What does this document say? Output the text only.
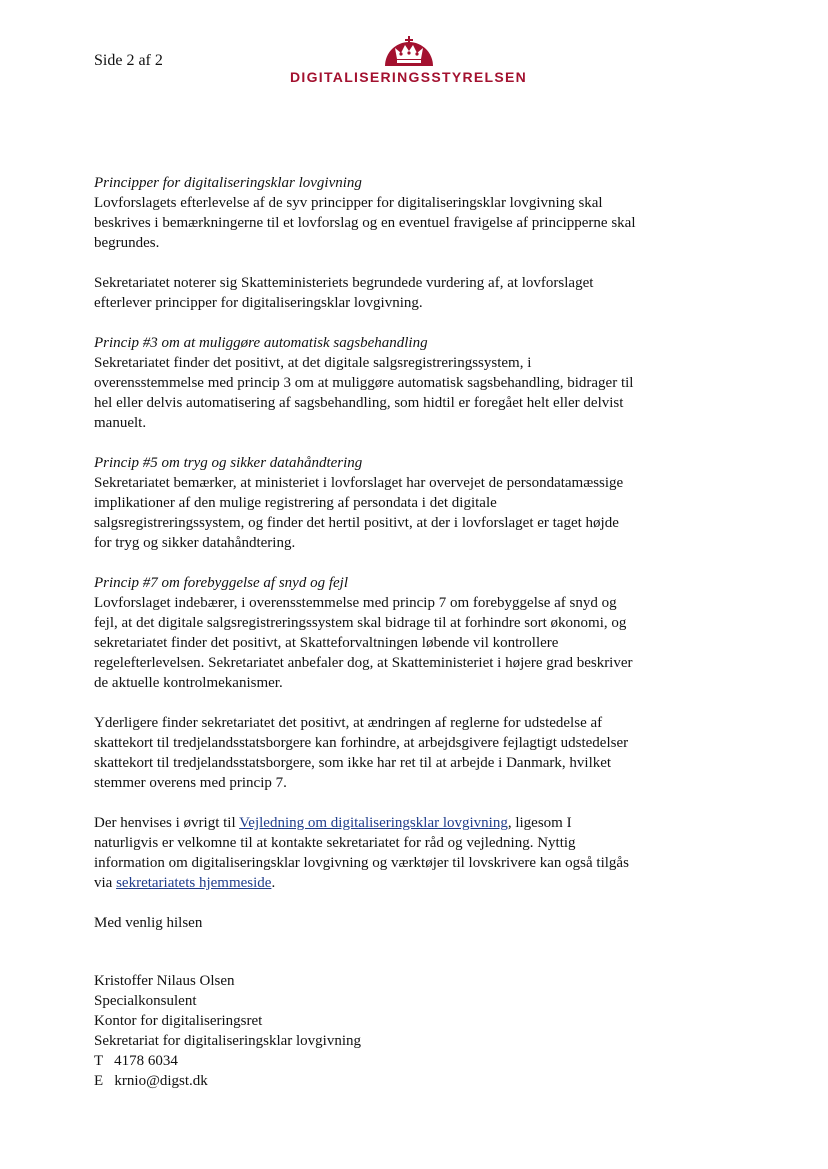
Side 2 af 2
DIGITALISERINGSSTYRELSEN

Principper for digitaliseringsklar lovgivning

Lovforslagets efterlevelse af de syv principper for digitaliseringsklar lovgivning skal beskrives i bemærkningerne til et lovforslag og en eventuel fravigelse af principperne skal begrundes.

Sekretariatet noterer sig Skatteministeriets begrundede vurdering af, at lovforslaget efterlever principper for digitaliseringsklar lovgivning.

Princip #3 om at muliggøre automatisk sagsbehandling

Sekretariatet finder det positivt, at det digitale salgsregistreringssystem, i overensstemmelse med princip 3 om at muliggøre automatisk sagsbehandling, bidrager til hel eller delvis automatisering af sagsbehandling, som hidtil er foregået helt eller delvist manuelt.

Princip #5 om tryg og sikker datahåndtering

Sekretariatet bemærker, at ministeriet i lovforslaget har overvejet de persondatamæssige implikationer af den mulige registrering af persondata i det digitale salgsregistreringssystem, og finder det hertil positivt, at der i lovforslaget er taget højde for tryg og sikker datahåndtering.

Princip #7 om forebyggelse af snyd og fejl

Lovforslaget indebærer, i overensstemmelse med princip 7 om forebyggelse af snyd og fejl, at det digitale salgsregistreringssystem skal bidrage til at forhindre sort økonomi, og sekretariatet finder det positivt, at Skatteforvaltningen løbende vil kontrollere regelefterlevelsen. Sekretariatet anbefaler dog, at Skatteministeriet i højere grad beskriver de aktuelle kontrolmekanismer.

Yderligere finder sekretariatet det positivt, at ændringen af reglerne for udstedelse af skattekort til tredjelandsstatsborgere kan forhindre, at arbejdsgivere fejlagtigt udstedelser skattekort til tredjelandsstatsborgere, som ikke har ret til at arbejde i Danmark, hvilket stemmer overens med princip 7.

Der henvises i øvrigt til Vejledning om digitaliseringsklar lovgivning, ligesom I naturligvis er velkomne til at kontakte sekretariatet for råd og vejledning. Nyttig information om digitaliseringsklar lovgivning og værktøjer til lovskrivere kan også tilgås via sekretariatets hjemmeside.

Med venlig hilsen

Kristoffer Nilaus Olsen
Specialkonsulent
Kontor for digitaliseringsret
Sekretariat for digitaliseringsklar lovgivning
T   4178 6034
E   krnio@digst.dk
